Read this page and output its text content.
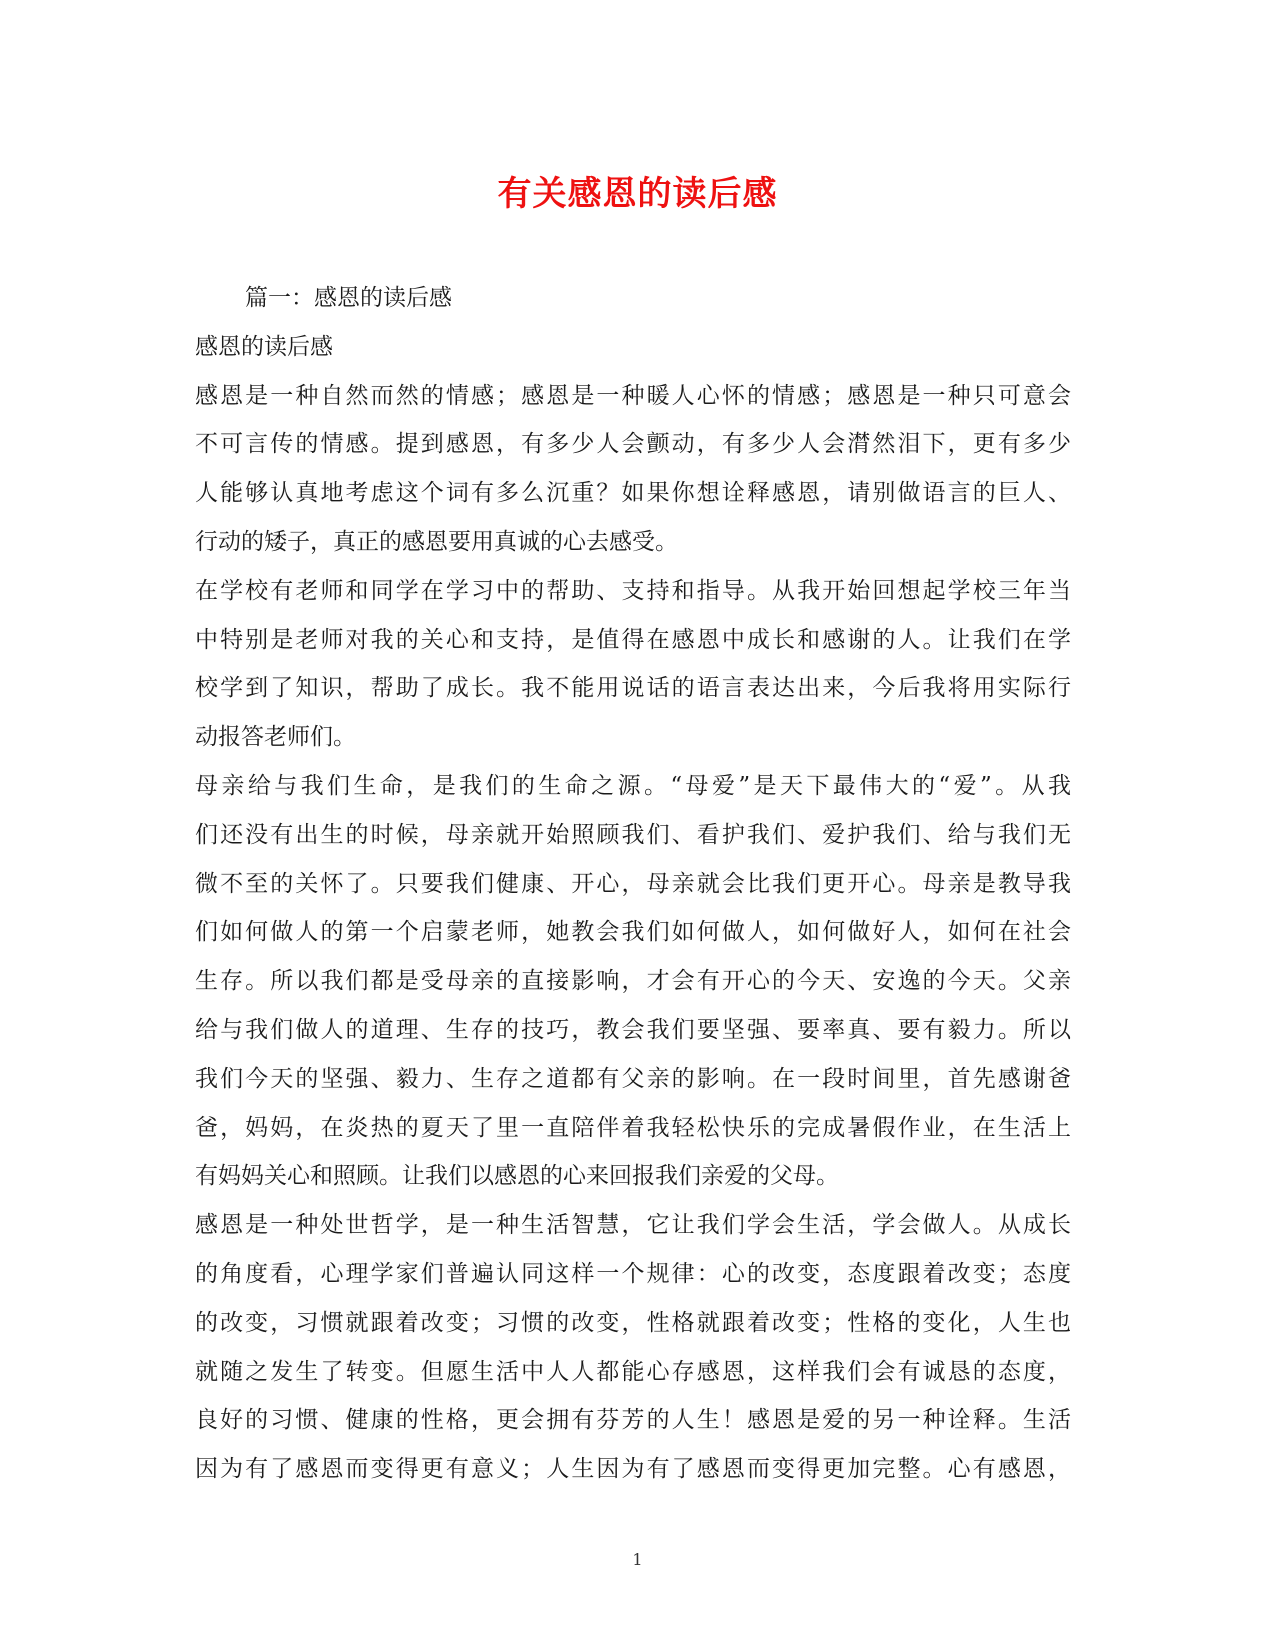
有关感恩的读后感
篇一：感恩的读后感
感恩的读后感
感恩是一种自然而然的情感；感恩是一种暖人心怀的情感；感恩是一种只可意会
不可言传的情感。提到感恩，有多少人会颤动，有多少人会潸然泪下，更有多少
人能够认真地考虑这个词有多么沉重？如果你想诠释感恩，请别做语言的巨人、
行动的矮子，真正的感恩要用真诚的心去感受。
在学校有老师和同学在学习中的帮助、支持和指导。从我开始回想起学校三年当
中特别是老师对我的关心和支持，是值得在感恩中成长和感谢的人。让我们在学
校学到了知识，帮助了成长。我不能用说话的语言表达出来，今后我将用实际行
动报答老师们。
母亲给与我们生命，是我们的生命之源。“母爱”是天下最伟大的“爱”。从我
们还没有出生的时候，母亲就开始照顾我们、看护我们、爱护我们、给与我们无
微不至的关怀了。只要我们健康、开心，母亲就会比我们更开心。母亲是教导我
们如何做人的第一个启蒙老师，她教会我们如何做人，如何做好人，如何在社会
生存。所以我们都是受母亲的直接影响，才会有开心的今天、安逸的今天。父亲
给与我们做人的道理、生存的技巧，教会我们要坚强、要率真、要有毅力。所以
我们今天的坚强、毅力、生存之道都有父亲的影响。在一段时间里，首先感谢爸
爸，妈妈，在炎热的夏天了里一直陪伴着我轻松快乐的完成暑假作业，在生活上
有妈妈关心和照顾。让我们以感恩的心来回报我们亲爱的父母。
感恩是一种处世哲学，是一种生活智慧，它让我们学会生活，学会做人。从成长
的角度看，心理学家们普遍认同这样一个规律：心的改变，态度跟着改变；态度
的改变，习惯就跟着改变；习惯的改变，性格就跟着改变；性格的变化，人生也
就随之发生了转变。但愿生活中人人都能心存感恩，这样我们会有诚恳的态度，
良好的习惯、健康的性格，更会拥有芬芳的人生！感恩是爱的另一种诠释。生活
因为有了感恩而变得更有意义；人生因为有了感恩而变得更加完整。心有感恩，
1
